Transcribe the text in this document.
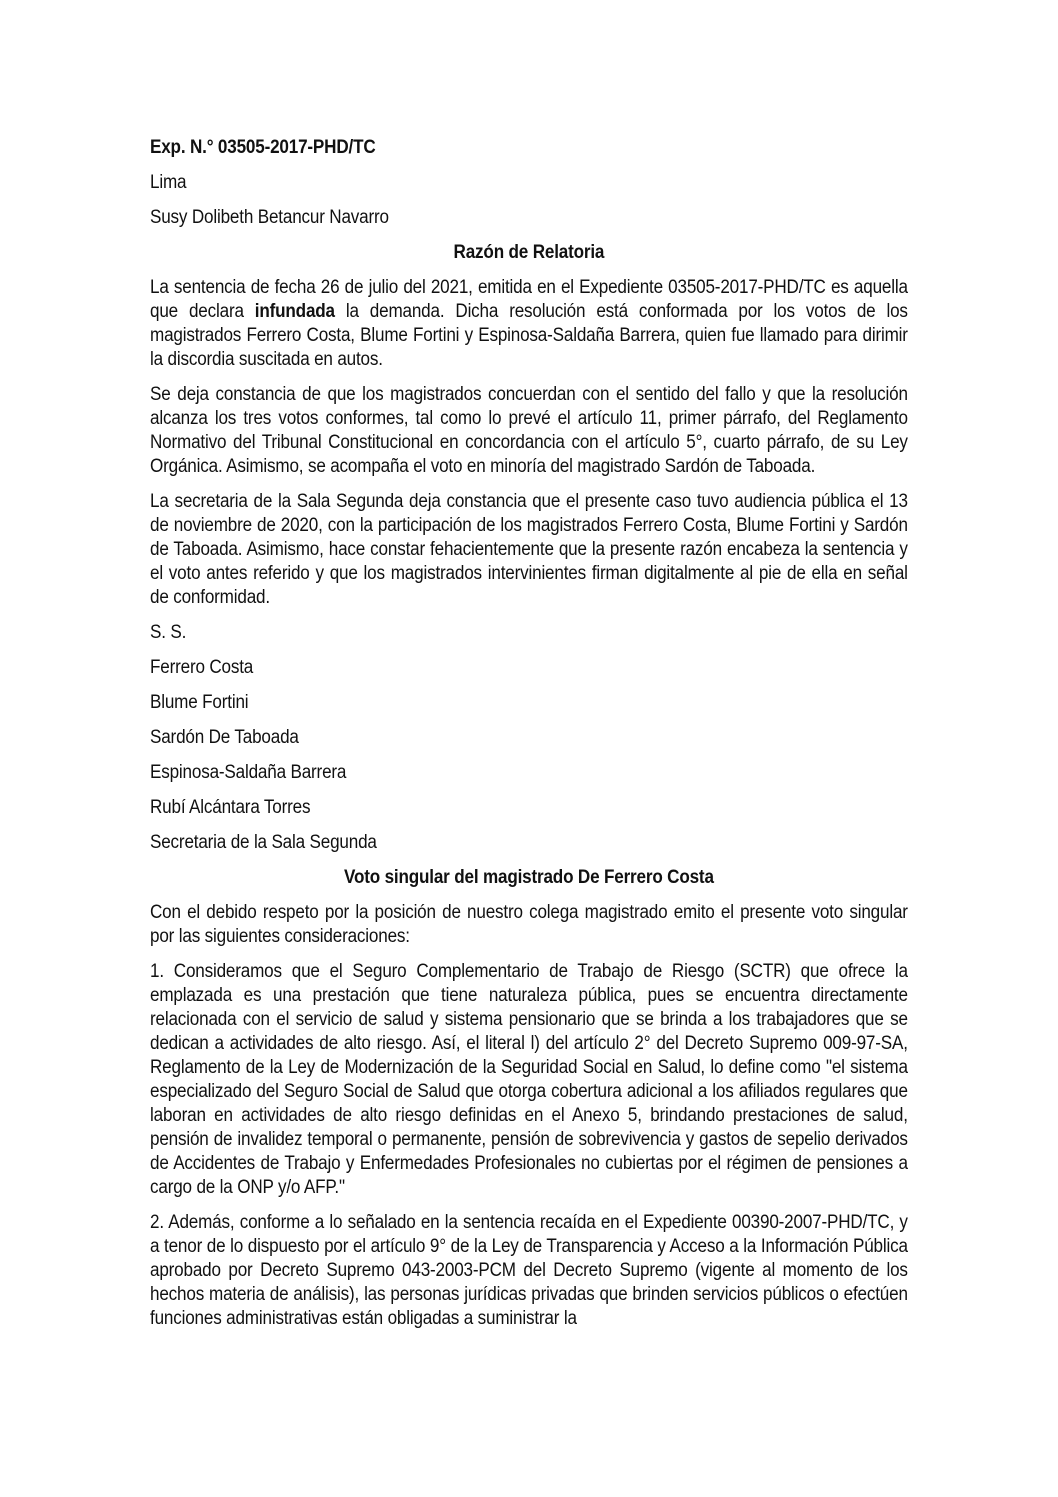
Exp. N.° 03505-2017-PHD/TC

Lima

Susy Dolibeth Betancur Navarro

Razón de Relatoria

La sentencia de fecha 26 de julio del 2021, emitida en el Expediente 03505-2017-PHD/TC es aquella que declara infundada la demanda. Dicha resolución está conformada por los votos de los magistrados Ferrero Costa, Blume Fortini y Espinosa-Saldaña Barrera, quien fue llamado para dirimir la discordia suscitada en autos.

Se deja constancia de que los magistrados concuerdan con el sentido del fallo y que la resolución alcanza los tres votos conformes, tal como lo prevé el artículo 11, primer párrafo, del Reglamento Normativo del Tribunal Constitucional en concordancia con el artículo 5°, cuarto párrafo, de su Ley Orgánica. Asimismo, se acompaña el voto en minoría del magistrado Sardón de Taboada.

La secretaria de la Sala Segunda deja constancia que el presente caso tuvo audiencia pública el 13 de noviembre de 2020, con la participación de los magistrados Ferrero Costa, Blume Fortini y Sardón de Taboada. Asimismo, hace constar fehacientemente que la presente razón encabeza la sentencia y el voto antes referido y que los magistrados intervinientes firman digitalmente al pie de ella en señal de conformidad.

S. S.

Ferrero Costa

Blume Fortini

Sardón De Taboada

Espinosa-Saldaña Barrera

Rubí Alcántara Torres

Secretaria de la Sala Segunda

Voto singular del magistrado De Ferrero Costa

Con el debido respeto por la posición de nuestro colega magistrado emito el presente voto singular por las siguientes consideraciones:

1. Consideramos que el Seguro Complementario de Trabajo de Riesgo (SCTR) que ofrece la emplazada es una prestación que tiene naturaleza pública, pues se encuentra directamente relacionada con el servicio de salud y sistema pensionario que se brinda a los trabajadores que se dedican a actividades de alto riesgo. Así, el literal l) del artículo 2° del Decreto Supremo 009-97-SA, Reglamento de la Ley de Modernización de la Seguridad Social en Salud, lo define como "el sistema especializado del Seguro Social de Salud que otorga cobertura adicional a los afiliados regulares que laboran en actividades de alto riesgo definidas en el Anexo 5, brindando prestaciones de salud, pensión de invalidez temporal o permanente, pensión de sobrevivencia y gastos de sepelio derivados de Accidentes de Trabajo y Enfermedades Profesionales no cubiertas por el régimen de pensiones a cargo de la ONP y/o AFP."

2. Además, conforme a lo señalado en la sentencia recaída en el Expediente 00390-2007-PHD/TC, y a tenor de lo dispuesto por el artículo 9° de la Ley de Transparencia y Acceso a la Información Pública aprobado por Decreto Supremo 043-2003-PCM del Decreto Supremo (vigente al momento de los hechos materia de análisis), las personas jurídicas privadas que brinden servicios públicos o efectúen funciones administrativas están obligadas a suministrar la
